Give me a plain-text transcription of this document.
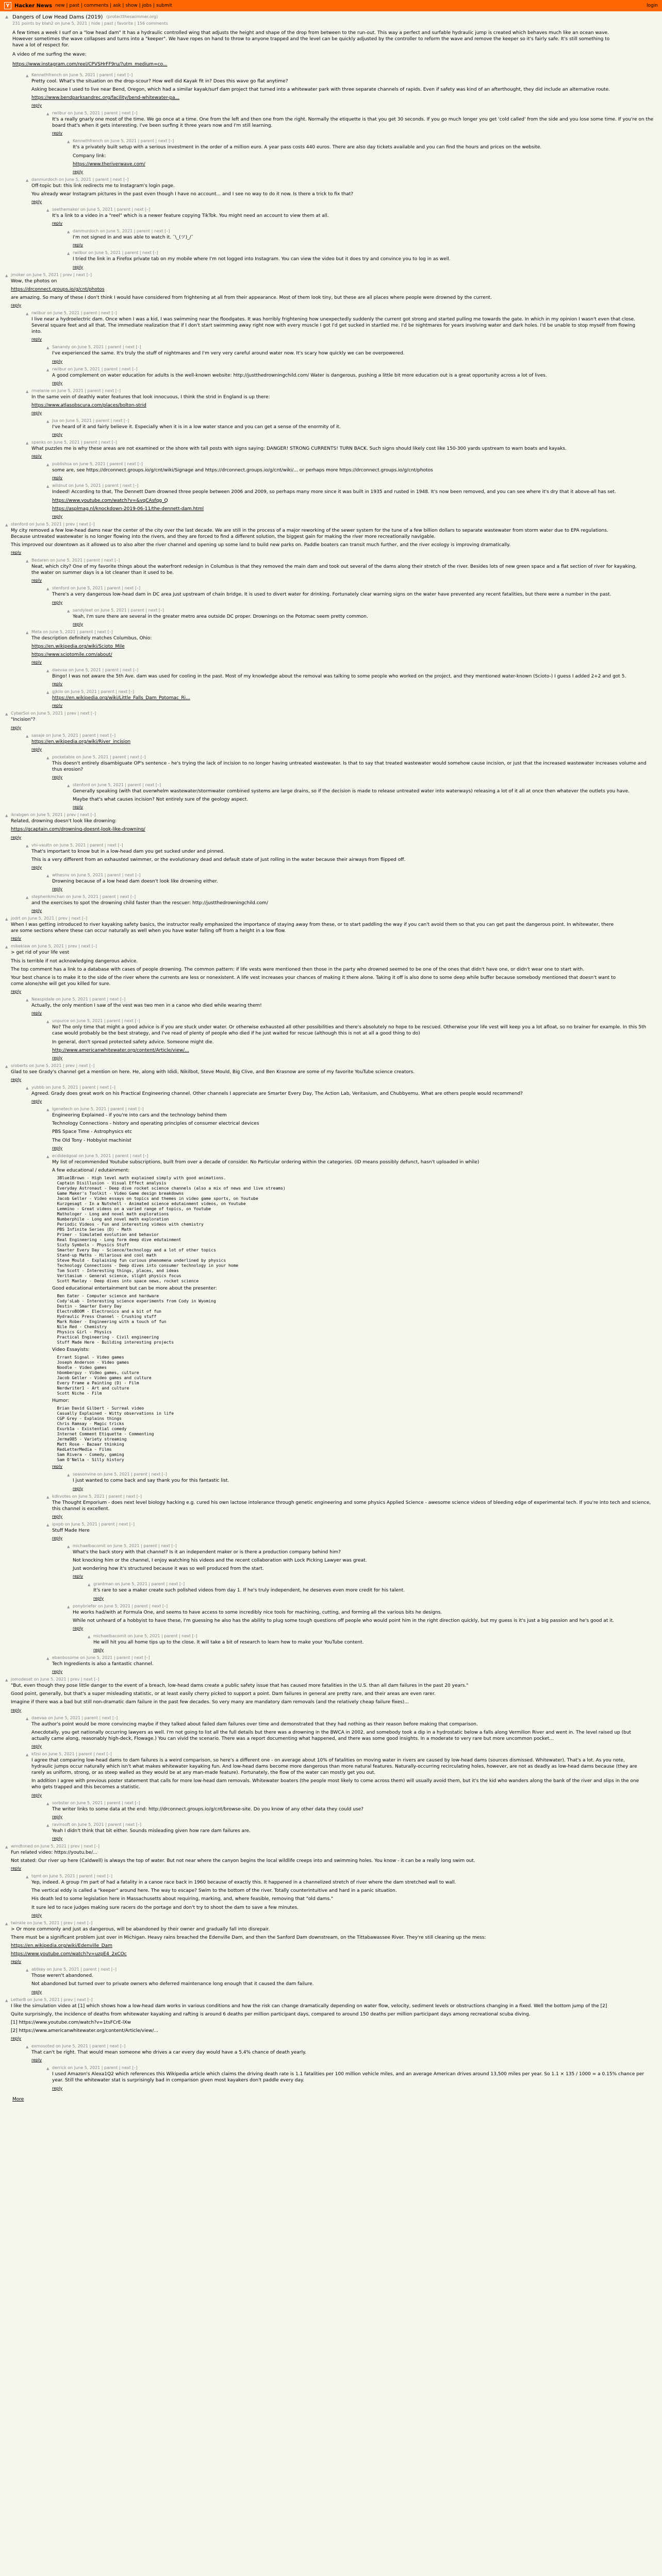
Y Hacker News new | past | comments | ask | show | jobs | submit	login
▲ Dangers of Low Head Dams (2019) (protecttheswimmer.org)
231 points by blah2 on June 5, 2021 | hide | past | favorite | 156 comments

A few times a week I surf on a "low head dam" It has a hydraulic controlled wing that adjusts the height and shape of the drop from between to the run-out. This way a perfect and surfable hydraulic jump is created which behaves much like an ocean wave. However sometimes the wave collapses and turns into a "keeper". We have ropes on hand to throw to anyone trapped and the level can be quickly adjusted by the controller to reform the wave and remove the keeper so it's fairly safe. It's still something to have a lot of respect for.

A video of me surfing the wave:

https://www.instagram.com/reel/CPVSHrFF9ru/?utm_medium=co...

▲ Kennethfrench on June 5, 2021 | parent | next [–]

Pretty cool. What's the situation on the drop-scour? How well did Kayak fit in? Does this wave go flat anytime?

Asking because I used to live near Bend, Oregon, which had a similar kayak/surf dam project that turned into a whitewater park with three separate channels of rapids. Even if safety was kind of an afterthought, they did include an alternative route.

https://www.bendparksandrec.org/facility/bend-whitewater-pa...

reply
▲ rwilbur on June 5, 2021 | parent | next [–]

It's a really gnarly one most of the time. We go once at a time. One from the left and then one from the right. Normally the etiquette is that you get 30 seconds. If you go much longer you get 'cold called' from the side and you lose some time. If you're on the board that's when it gets interesting. I've been surfing it three years now and I'm still learning.

reply
▲ Kennethfrench on June 5, 2021 | parent | next [–]

It's a privately built setup with a serious investment in the order of a million euro. A year pass costs 440 euros. There are also day tickets available and you can find the hours and prices on the website.

Company link:

https://www.theriverwave.com/

reply
▲ danmurdoch on June 5, 2021 | parent | next [–]

Off-topic but: this link redirects me to Instagram's login page.

You already wear Instagram pictures in the past even though I have no account... and I see no way to do it now. Is there a trick to fix that?

reply
▲ seethemaker on June 5, 2021 | parent | next [–]

It's a link to a video in a "reel" which is a newer feature copying TikTok. You might need an account to view them at all.

reply
▲ danmurdoch on June 5, 2021 | parent | next [–]

I'm not signed in and was able to watch it. ¯\_(ツ)_/¯

reply
▲ rwilbur on June 5, 2021 | parent | next [–]

I tried the link in a Firefox private tab on my mobile where I'm not logged into Instagram. You can view the video but it does try and convince you to log in as well.

reply
▲ jmoker on June 5, 2021 | prev | next [–]

Wow, the photos on

https://drconnect.groups.io/g/cnt/photos

are amazing. So many of these I don't think I would have considered from frightening at all from their appearance. Most of them look tiny, but these are all places where people were drowned by the current.

reply
▲ rwilbur on June 5, 2021 | parent | next [–]

I live near a hydroelectric dam. Once when I was a kid, I was swimming near the floodgates. It was horribly frightening how unexpectedly suddenly the current got strong and started pulling me towards the gate. In which in my opinion I wasn't even that close. Several square feet and all that. The immediate realization that if I don't start swimming away right now with every muscle I got I'd get sucked in startled me. I'd be nightmares for years involving water and dark holes. I'd be unable to stop myself from flowing into.

reply
▲ Sanandy on June 5, 2021 | parent | next [–]

I've experienced the same. It's truly the stuff of nightmares and I'm very very careful around water now. It's scary how quickly we can be overpowered.

reply
▲ rwilbur on June 5, 2021 | parent | next [–]

A good complement on water education for adults is the well-known website: http://justthedrowningchild.com/ Water is dangerous, pushing a little bit more education out is a great opportunity across a lot of lives.

reply
▲ rmelanie on June 5, 2021 | parent | next [–]

In the same vein of deathly water features that look innocuous, I think the strid in England is up there:

https://www.atlasobscura.com/places/bolton-strid

reply
▲ Jsa on June 5, 2021 | parent | next [–]

I've heard of it and fairly believe it. Especially when it is in a low water stance and you can get a sense of the enormity of it.

reply
▲ spanks on June 5, 2021 | parent | next [–]

What puzzles me is why these areas are not examined or the shore with tall posts with signs saying: DANGER! STRONG CURRENTS! TURN BACK. Such signs should likely cost like 150-300 yards upstream to warn boats and kayaks.

reply
▲ publishsa on June 5, 2021 | parent | next [–]

some are, see https://drconnect.groups.io/g/cnt/wiki/Signage and https://drconnect.groups.io/g/cnt/wiki/... or perhaps more https://drconnect.groups.io/g/cnt/photos

reply
▲ wildnut on June 5, 2021 | parent | next [–]

Indeed! According to that, The Dennett Dam drowned three people between 2006 and 2009, so perhaps many more since it was built in 1935 and rusted in 1948. It's now been removed, and you can see where it's dry that it above-all has set.

https://www.youtube.com/watch?v=&vqCAsfqg_Q

https://asplmag.nl/knockdown-2019-06-11/the-dennett-dam.html

reply
▲ stenford on June 5, 2021 | prev | next [–]

My city removed a few low-head dams near the center of the city over the last decade. We are still in the process of a major reworking of the sewer system for the tune of a few billion dollars to separate wastewater from storm water due to EPA regulations. Because untreated wastewater is no longer flowing into the rivers, and they are forced to find a different solution, the biggest gain for making the river more recreationally navigable.

This improved our downtown as it allowed us to also alter the river channel and opening up some land to build new parks on. Paddle boaters can transit much further, and the river ecology is improving dramatically.

reply
▲ Bedaren on June 5, 2021 | parent | next [–]

Neat, which city? One of my favorite things about the waterfront redesign in Columbus is that they removed the main dam and took out several of the dams along their stretch of the river. Besides lots of new green space and a flat section of river for kayaking, the water on summer days is a lot cleaner than it used to be.

reply
▲ stenford on June 5, 2021 | parent | next [–]

There's a very dangerous low-head dam in DC area just upstream of chain bridge. It is used to divert water for drinking. Fortunately clear warning signs on the water have prevented any recent fatalities, but there were a number in the past.

reply
▲ sandyleet on June 5, 2021 | parent | next [–]

Yeah, I'm sure there are several in the greater metro area outside DC proper. Drownings on the Potomac seem pretty common.

reply
▲ Meta on June 5, 2021 | parent | next [–]

The description definitely matches Columbus, Ohio:

https://en.wikipedia.org/wiki/Scioto_Mile

https://www.sciotomile.com/about/

reply
▲ daevaa on June 5, 2021 | parent | next [–]

Bingo! I was not aware the 5th Ave. dam was used for cooling in the past. Most of my knowledge about the removal was talking to some people who worked on the project, and they mentioned water-known (Scioto-) I guess I added 2+2 and got 5.

reply
▲ gjkilo on June 5, 2021 | parent | next [–]

https://en.wikipedia.org/wiki/Little_Falls_Dam_Potomac_Ri...

reply
▲ CyberSol on June 5, 2021 | prev | next [–]

"Incision"?

reply
▲ sasaje on June 5, 2021 | parent | next [–]

https://en.wikipedia.org/wiki/River_incision

reply
▲ pocketable on June 5, 2021 | parent | next [–]

This doesn't entirely disambiguate OP's sentence - he's trying the lack of incision to no longer having untreated wastewater. Is that to say that treated wastewater would somehow cause incision, or just that the increased wastewater increases volume and thus erosion?

reply
▲ stenford on June 5, 2021 | parent | next [–]

Generally speaking (with that overwhelm wastewater/stormwater combined systems are large drains, so if the decision is made to release untreated water into waterways) releasing a lot of it all at once then whatever the outlets you have.

Maybe that's what causes incision? Not entirely sure of the geology aspect.

reply
▲ ikrabgen on June 5, 2021 | prev | next [–]

Related, drowning doesn't look like drowning:

https://gcaptain.com/drowning-doesnt-look-like-drowning/

reply
▲ vhi-vaultn on June 5, 2021 | parent | next [–]

That's important to know but in a low-head dam you get sucked under and pinned.

This is a very different from an exhausted swimmer, or the evolutionary dead and default state of just rolling in the water because their airways from flipped off.

reply
▲ wthesnv on June 5, 2021 | parent | next [–]

Drowning because of a low head dam doesn't look like drowning either.

reply
▲ stephenkmchan on June 5, 2021 | parent | next [–]

and the exercises to spot the drowning child faster than the rescuer: http://justthedrowningchild.com/

reply
▲ jodrt on June 5, 2021 | prev | next [–]

When I was getting introduced to river kayaking safety basics, the instructor really emphasized the importance of staying away from these, or to start paddling the way if you can't avoid them so that you can get past the dangerous point. In whitewater, there are some sections where these can occur naturally as well when you have water falling off from a height in a low flow.

reply
▲ mikeklaw on June 5, 2021 | prev | next [–]

> get rid of your life vest

This is terrible if not acknowledging dangerous advice.

The top comment has a link to a database with cases of people drowning. The common pattern: if life vests were mentioned then those in the party who drowned seemed to be one of the ones that didn't have one, or didn't wear one to start with.

Your best chance is to make it to the side of the river where the currents are less or nonexistent. A life vest increases your chances of making it there alone. Taking it off is also done to some deep while buffer because somebody mentioned that doesn't want to come alone/she will get you killed for sure.

reply
▲ Neaspidale on June 5, 2021 | parent | next [–]

Actually, the only mention I saw of the vest was two men in a canoe who died while wearing them!

reply
▲ unpurce on June 5, 2021 | parent | next [–]

No? The only time that might a good advice is if you are stuck under water. Or otherwise exhausted all other possibilities and there's absolutely no hope to be rescued. Otherwise your life vest will keep you a lot afloat, so no brainer for example. In this 5th case would probably be the best strategy, and I've read of plenty of people who died if he just waited for rescue (although this is not at all a good thing to do)

In general, don't spread protected safety advice. Someone might die.

http://www.americanwhitewater.org/content/Article/view/...

reply
▲ sroberts on June 5, 2021 | prev | next [–]

Glad to see Grady's channel get a mention on here. He, along with Ididi, Nikilbot, Steve Mould, Big Clive, and Ben Krasnow are some of my favorite YouTube science creators.

reply
▲ yubbb on June 5, 2021 | parent | next [–]

Agreed. Grady does great work on his Practical Engineering channel. Other channels I appreciate are Smarter Every Day, The Action Lab, Veritasium, and Chubbyemu. What are others people would recommend?

reply
▲ lgenetech on June 5, 2021 | parent | next [–]

Engineering Explained - if you're into cars and the technology behind them

Technology Connections - history and operating principles of consumer electrical devices

PBS Space Time - Astrophysics etc

The Old Tony - Hobbyist machinist

reply
▲ ecdidedgoal on June 5, 2021 | parent | next [–]

My list of recommended Youtube subscriptions, built from over a decade of consider. No Particular ordering within the categories. (ID means possibly defunct, hasn't uploaded in while)

A few educational / edutainment:

3Blue1Brown - High level math explained simply with good animations.
Captain Disillusion - Visual Effect analysis
Everyday Astronaut - Deep dive rocket science channels (also a mix of news and live streams)
Game Maker's Toolkit - Video Game design breakdowns
Jacob Geller - Video essays on topics and themes in video game sports, on Youtube
Kurzgesagt - In a Nutshell - Animated science edutainment videos, on Youtube
Lemmino - Great videos on a varied range of topics, on Youtube
Mathologer - Long and novel math explorations
Numberphile - Long and novel math exploration
Periodic Videos - Fun and interesting videos with chemistry
PBS Infinite Series (D) - Math
Primer - Simulated evolution and behavior
Real Engineering - Long form deep dive edutainment
Sixty Symbols - Physics Stuff
Smarter Every Day - Science/technology and a lot of other topics
Stand-up Maths - Hilarious and cool math
Steve Mould - Explaining fun curious phenomena underlined by physics
Technology Connections - Deep dives into consumer technology in your home
Tom Scott - Interesting things, places, and ideas
Veritasium - General science, slight physics focus
Scott Manley - Deep dives into space news, rocket science

Good educational entertainment but can be more about the presenter:

Ben Eater - Computer science and hardware
Cody'sLab - Interesting science experiments from Cody in Wyoming
Destin - Smarter Every Day
ElectroBOOM - Electronics and a bit of fun
Hydraulic Press Channel - Crushing stuff
Mark Rober - Engineering with a touch of fun
Nile Red - Chemistry
Physics Girl - Physics
Practical Engineering - Civil engineering
Stuff Made Here - Building interesting projects

Video Essayists:

Errant Signal - Video games
Joseph Anderson - Video games
Noodle - Video games
hbomberguy - Video games, culture
Jacob Geller - Video games and culture
Every Frame a Painting (D) - Film
Nerdwriter1 - Art and culture
Scott Niche - Film

Humor:

Brian David Gilbert - Surreal video
Casually Explained - Witty observations in life
CGP Grey - Explains things
Chris Ramsay - Magic tricks
Exurb1a - Existential comedy
Internet Comment Etiquette - Commenting
Jerma985 - Variety streaming
Matt Rose - Bazaar thinking
RedLetterMedia - Films
Sam Rivera - Comedy, gaming
Sam O'Nella - Silly history
reply
▲ seasonvine on June 5, 2021 | parent | next [–]

I just wanted to come back and say thank you for this fantastic list.

reply
▲ kdkvotes on June 5, 2021 | parent | next [–]

The Thought Emporium - does next level biology hacking e.g. cured his own lactose intolerance through genetic engineering and some physics Applied Science - awesome science videos of bleeding edge of experimental tech. If you're into tech and science, this channel is excellent.

reply
▲ ipxpb on June 5, 2021 | parent | next [–]

Stuff Made Here

reply
▲ michaelbacomit on June 5, 2021 | parent | next [–]

What's the back story with that channel? Is it an independent maker or is there a production company behind him?

Not knocking him or the channel, I enjoy watching his videos and the recent collaboration with Lock Picking Lawyer was great.

Just wondering how it's structured because it was so well produced from the start.

reply
▲ grantman on June 5, 2021 | parent | next [–]

It's rare to see a maker create such polished videos from day 1. If he's truly independent, he deserves even more credit for his talent.

reply
▲ ponybriefer on June 5, 2021 | parent | next [–]

He works had/with at Formula One, and seems to have access to some incredibly nice tools for machining, cutting, and forming all the various bits he designs.

While not unheard of a hobbyist to have these, I'm guessing he also has the ability to plug some tough questions off people who would point him in the right direction quickly, but my guess is it's just a big passion and he's good at it.

reply
▲ michaelbacomit on June 5, 2021 | parent | next [–]

He will hit you all home tips up to the close. It will take a bit of research to learn how to make your YouTube content.

reply
▲ ebanbosome on June 5, 2021 | parent | next [–]

Tech Ingredients is also a fantastic channel.

reply
▲ jomodeset on June 5, 2021 | prev | next [–]

"But, even though they pose little danger to the event of a breach, low-head dams create a public safety issue that has caused more fatalities in the U.S. than all dam failures in the past 20 years."

Good point, generally, but that's a super misleading statistic, or at least easily cherry picked to support a point. Dam failures in general are pretty rare, and their areas are even rarer.

Imagine if there was a bad but still non-dramatic dam failure in the past few decades. So very many are mandatory dam removals (and the relatively cheap failure fixes)...

reply
▲ daevaa on June 5, 2021 | parent | next [–]

The author's point would be more convincing maybe if they talked about failed dam failures over time and demonstrated that they had nothing as their reason before making that comparison.

Anecdotally, you get nationally occurring lawyers as well. I'm not going to list all the full details but there was a drowning in the BWCA in 2002, and somebody took a dip in a hydrostatic below a falls along Vermilion River and went in. The level raised up (but actually came along, reasonably high-deck, Flowage.) You can vivid the scenario. There was a report documenting what happened, and there was some good insights. In a moderate to very rare but more uncommon pocket...

reply
▲ kfzsi on June 5, 2021 | parent | next [–]

I agree that comparing low-head dams to dam failures is a weird comparison, so here's a different one - on average about 10% of fatalities on moving water in rivers are caused by low-head dams (sources dismissed. Whitewater). That's a lot. As you note, hydraulic jumps occur naturally which isn't what makes whitewater kayaking fun. And low-head dams become more dangerous than more natural features. Naturally-occurring recirculating holes, however, are not as deadly as low-head dams because (they are rarely as uniform, strong, or as steep walled as they would be at any man-made feature). Fortunately, the flow of the water can mostly get you out.

In addition I agree with previous poster statement that calls for more low-head dam removals. Whitewater boaters (the people most likely to come across them) will usually avoid them, but it's the kid who wanders along the bank of the river and slips in the one who gets trapped and this becomes a statistic.

reply
▲ sorbster on June 5, 2021 | parent | next [–]

The writer links to some data at the end: http://drconnect.groups.io/g/cnt/browse-site. Do you know of any other data they could use?

reply
▲ ravinsoft on June 5, 2021 | parent | next [–]

Yeah I didn't think that bit either. Sounds misleading given how rare dam failures are.

reply
▲ wmdtoned on June 5, 2021 | prev | next [–]

Fun related video: https://youtu.be/...

Not stated: Our river up here (Caldwell) is always the top of water. But not near where the canyon begins the local wildlife creeps into and swimming holes. You know - it can be a really long swim out.

reply
▲ tqmt on June 5, 2021 | parent | next [–]

Yep, indeed. A group I'm part of had a fatality in a canoe race back in 1960 because of exactly this. It happened in a channelized stretch of river where the dam stretched wall to wall.

The vertical eddy is called a "keeper" around here. The way to escape? Swim to the bottom of the river. Totally counterintuitive and hard in a panic situation.

His death led to some legislation here in Massachusetts about requiring, marking, and, where feasible, removing that "old dams."

It sure led to race judges making sure racers do the portage and don't try to shoot the dam to save a few minutes.

reply
▲ twinkle on June 5, 2021 | prev | next [–]

> Or more commonly and just as dangerous, will be abandoned by their owner and gradually fall into disrepair.

There must be a significant problem just over in Michigan. Heavy rains breached the Edenville Dam, and then the Sanford Dam downstream, on the Tittabawassee River. They're still cleaning up the mess:

https://en.wikipedia.org/wiki/Edenville_Dam

https://www.youtube.com/watch?v=uzpE4_2xCOc

reply
▲ abtkey on June 5, 2021 | parent | next [–]

Those weren't abandoned.

Not abandoned but turned over to private owners who deferred maintenance long enough that it caused the dam failure.

reply
▲ LetterB on June 5, 2021 | prev | next [–]

I like the simulation video at [1] which shows how a low-head dam works in various conditions and how the risk can change dramatically depending on water flow, velocity, sediment levels or obstructions changing in a fixed. Well the bottom jump of the [2]

Quite surprisingly, the incidence of deaths from whitewater kayaking and rafting is around 6 deaths per million participant days, compared to around 150 deaths per million participant days among recreational scuba diving.

[1] https://www.youtube.com/watch?v=1tsFCrE-lXw

[2] https://www.americanwhitewater.org/content/Article/view/...

reply
▲ exmosoted on June 5, 2021 | parent | next [–]

That can't be right. That would mean someone who drives a car every day would have a 5.4% chance of death yearly.

reply
▲ derrick on June 5, 2021 | parent | next [–]

I used Amazon's Alexa1Q2 which references this Wikipedia article which claims the driving death rate is 1.1 fatalities per 100 million vehicle miles, and an average American drives around 13,500 miles per year. So 1.1 × 135 / 1000 = a 0.15% chance per year. Still the whitewater stat is surprisingly bad in comparison given most kayakers don't paddle every day.

reply
More
